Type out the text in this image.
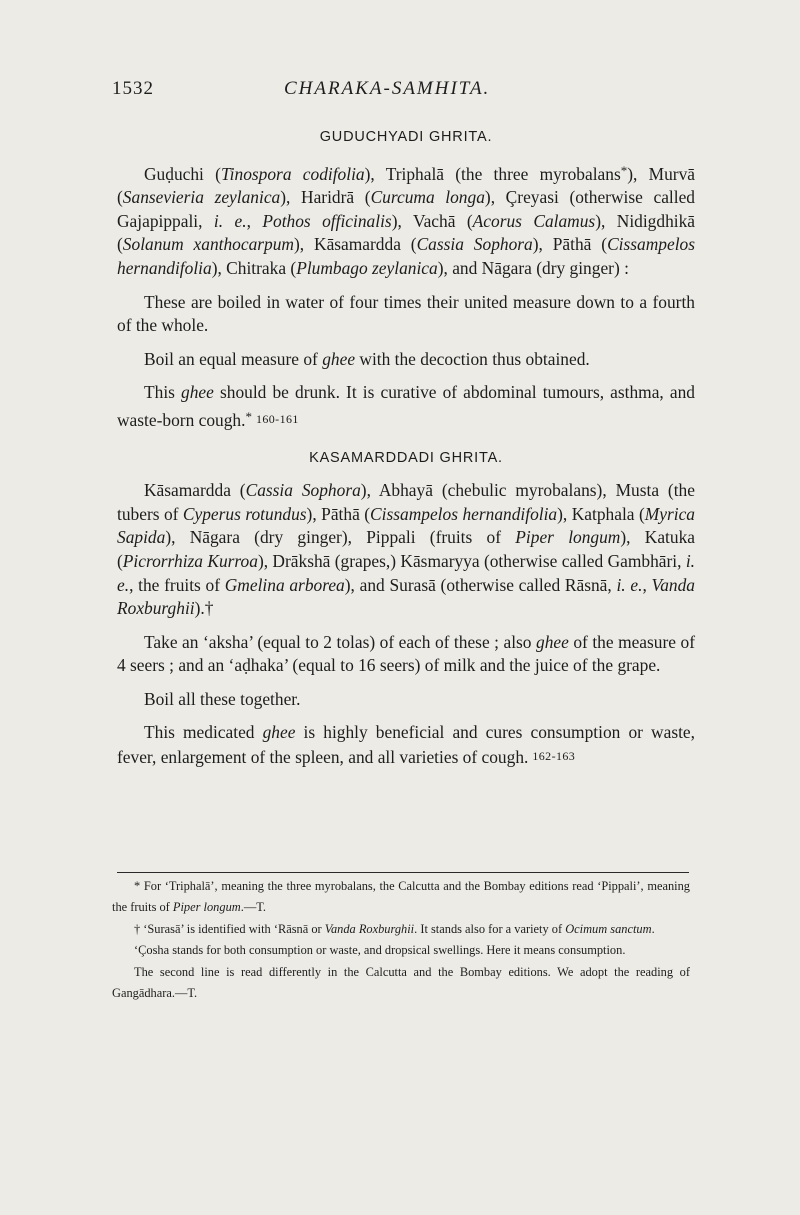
1532	CHARAKA-SAMHITA.
GUDUCHYADI GHRITA.

Guḍuchi (Tinospora codifolia), Triphalā (the three myrobalans*), Murvā (Sansevieria zeylanica), Haridrā (Curcuma longa), Çreyasi (otherwise called Gajapippali, i. e., Pothos officinalis), Vachā (Acorus Calamus), Nidigdhikā (Solanum xanthocarpum), Kāsamardda (Cassia Sophora), Pāthā (Cissampelos hernandifolia), Chitraka (Plumbago zeylanica), and Nāgara (dry ginger) :

These are boiled in water of four times their united measure down to a fourth of the whole.

Boil an equal measure of ghee with the decoction thus obtained.

This ghee should be drunk. It is curative of abdominal tumours, asthma, and waste-born cough.* 160-161

KASAMARDDADI GHRITA.

Kāsamardda (Cassia Sophora), Abhayā (chebulic myrobalans), Musta (the tubers of Cyperus rotundus), Pāthā (Cissampelos hernandifolia), Katphala (Myrica Sapida), Nāgara (dry ginger), Pippali (fruits of Piper longum), Katuka (Picrorrhiza Kurroa), Drākshā (grapes,) Kāsmaryya (otherwise called Gambhāri, i. e., the fruits of Gmelina arborea), and Surasā (otherwise called Rāsnā, i. e., Vanda Roxburghii).†

Take an ‘aksha’ (equal to 2 tolas) of each of these ; also ghee of the measure of 4 seers ; and an ‘aḍhaka’ (equal to 16 seers) of milk and the juice of the grape.

Boil all these together.

This medicated ghee is highly beneficial and cures consumption or waste, fever, enlargement of the spleen, and all varieties of cough. 162-163

* For ‘Triphalā’, meaning the three myrobalans, the Calcutta and the Bombay editions read ‘Pippali’, meaning the fruits of Piper longum.—T.

† ‘Surasā’ is identified with ‘Rāsnā or Vanda Roxburghii. It stands also for a variety of Ocimum sanctum.

‘Çosha stands for both consumption or waste, and dropsical swellings. Here it means consumption.

The second line is read differently in the Calcutta and the Bombay editions. We adopt the reading of Gangādhara.—T.
